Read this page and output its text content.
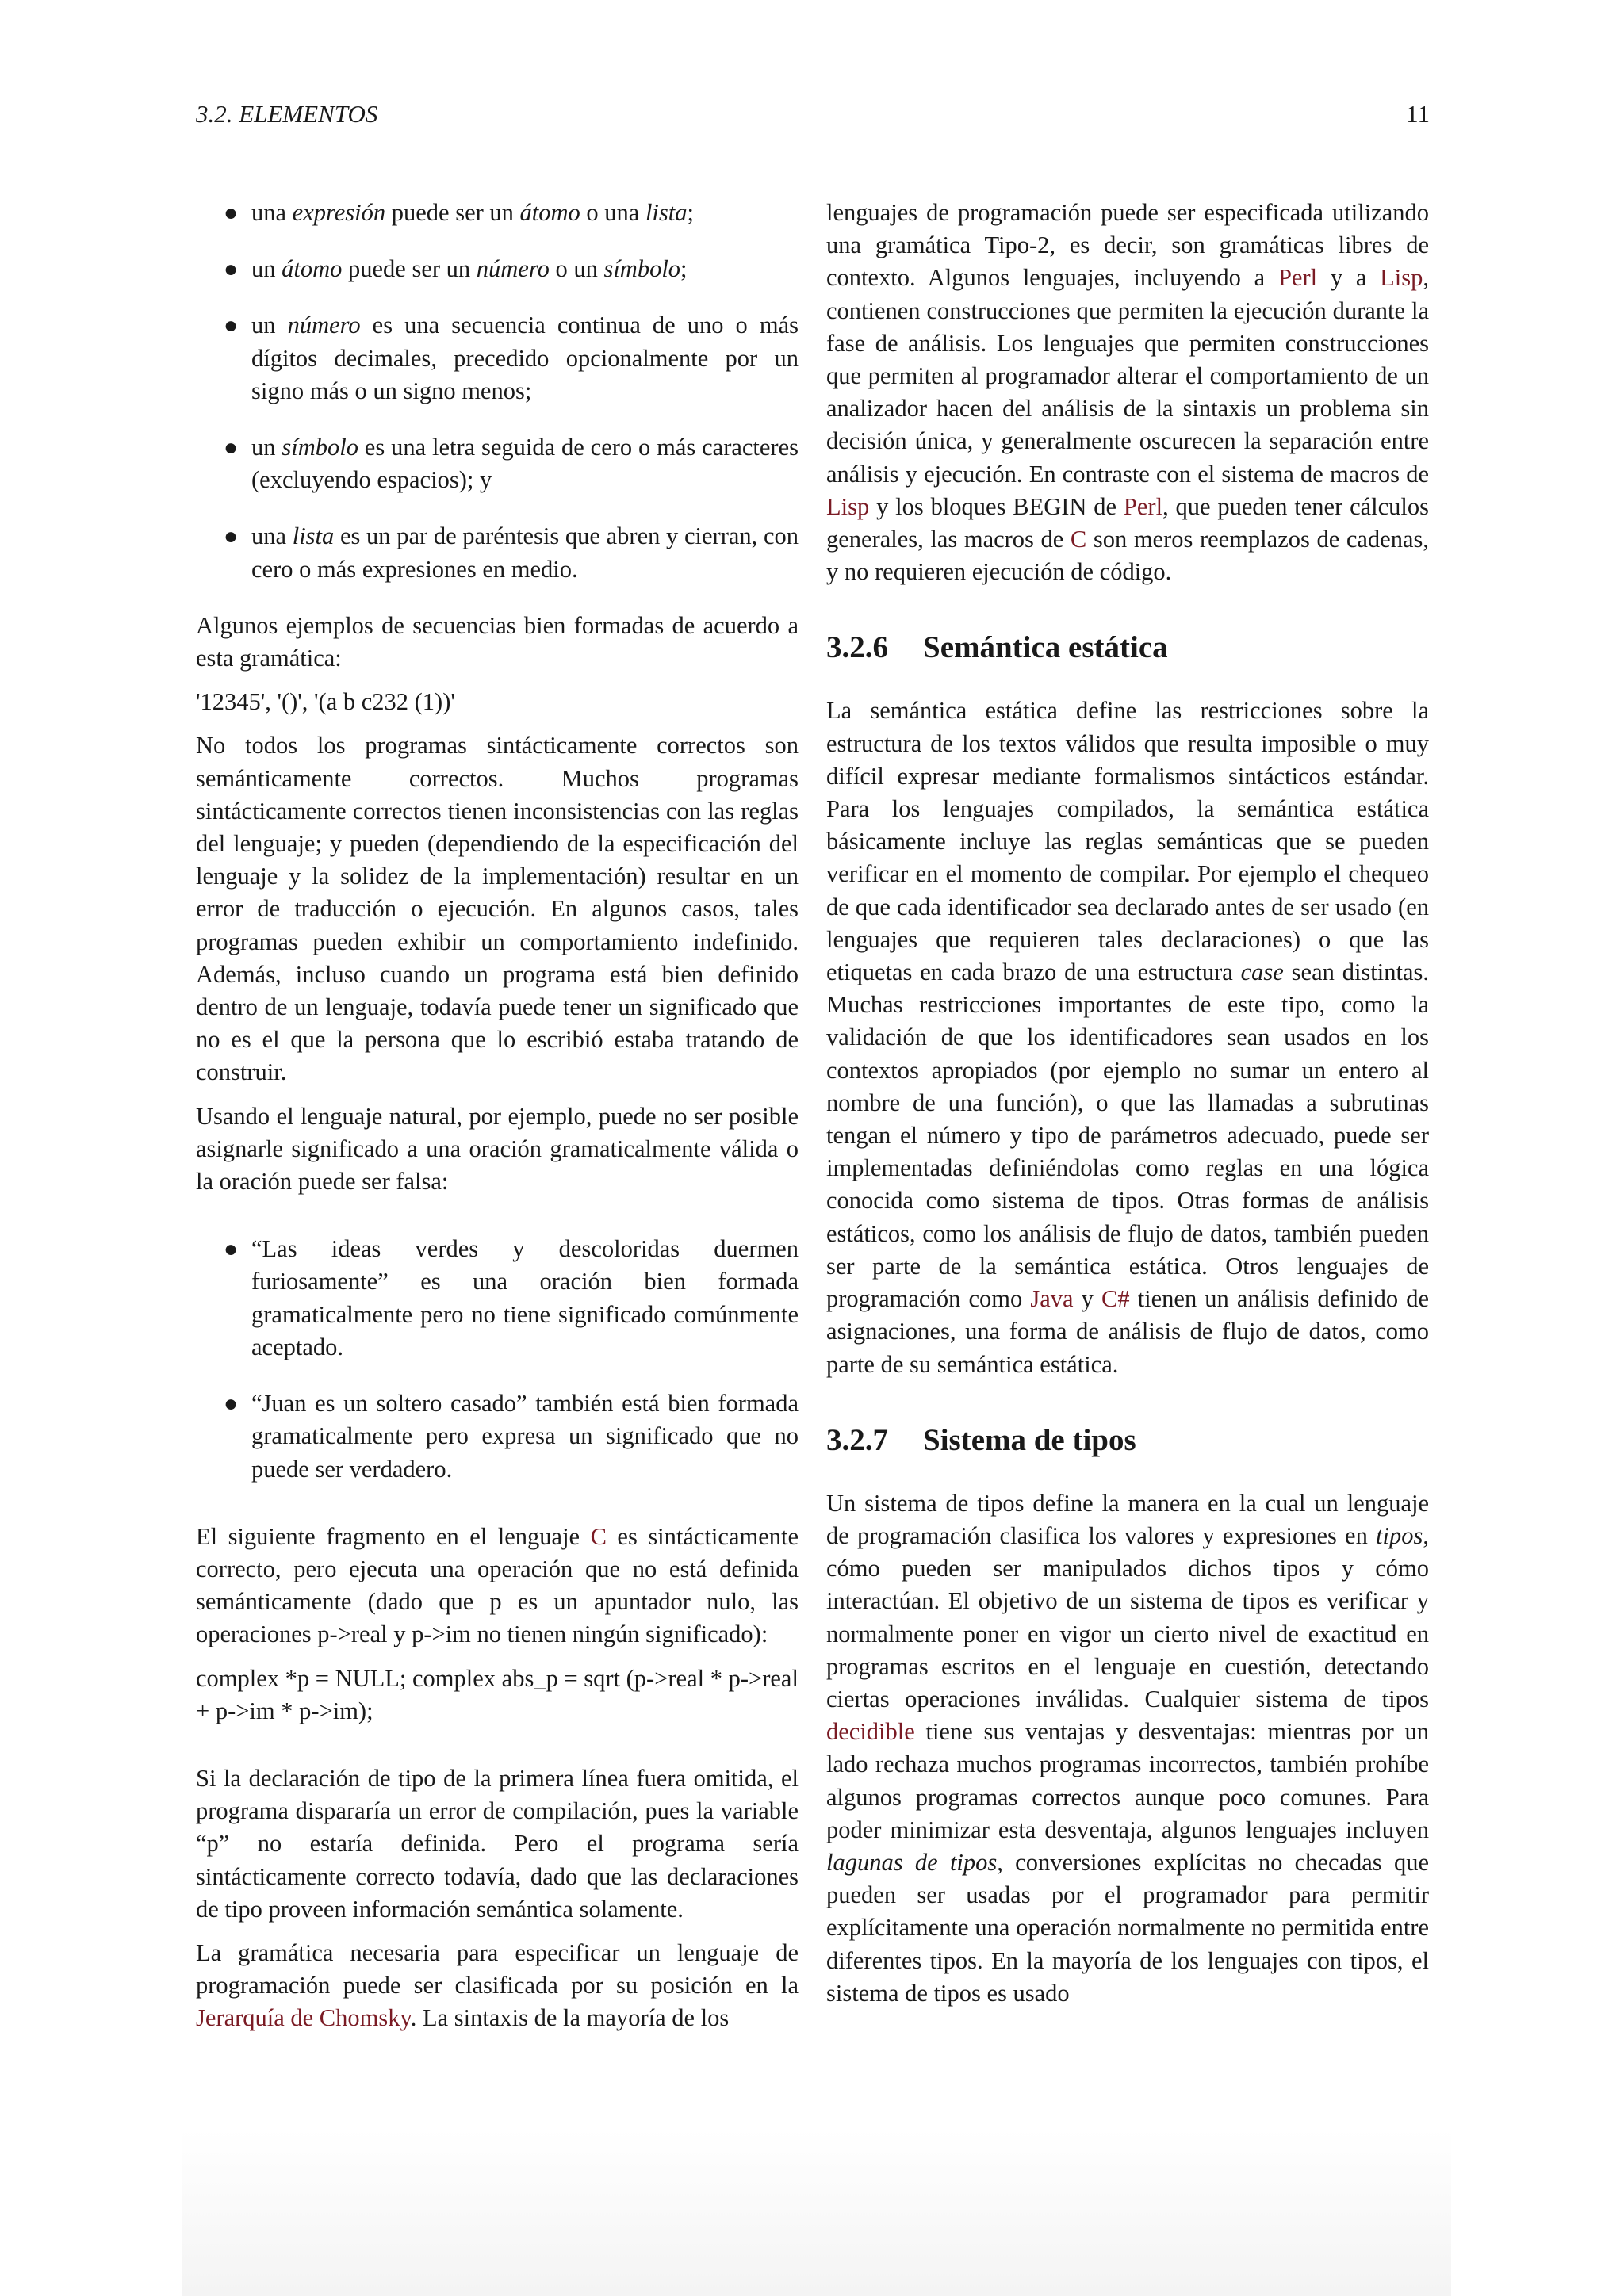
3.2. ELEMENTOS	11
● una expresión puede ser un átomo o una lista;
● un átomo puede ser un número o un símbolo;
● un número es una secuencia continua de uno o más dígitos decimales, precedido opcionalmente por un signo más o un signo menos;
● un símbolo es una letra seguida de cero o más caracteres (excluyendo espacios); y
● una lista es un par de paréntesis que abren y cierran, con cero o más expresiones en medio.

Algunos ejemplos de secuencias bien formadas de acuerdo a esta gramática:

'12345', '()', '(a b c232 (1))'

No todos los programas sintácticamente correctos son semánticamente correctos. Muchos programas sintácticamente correctos tienen inconsistencias con las reglas del lenguaje; y pueden (dependiendo de la especificación del lenguaje y la solidez de la implementación) resultar en un error de traducción o ejecución. En algunos casos, tales programas pueden exhibir un comportamiento indefinido. Además, incluso cuando un programa está bien definido dentro de un lenguaje, todavía puede tener un significado que no es el que la persona que lo escribió estaba tratando de construir.

Usando el lenguaje natural, por ejemplo, puede no ser posible asignarle significado a una oración gramaticalmente válida o la oración puede ser falsa:

● “Las ideas verdes y descoloridas duermen furiosamente” es una oración bien formada gramaticalmente pero no tiene significado comúnmente aceptado.
● “Juan es un soltero casado” también está bien formada gramaticalmente pero expresa un significado que no puede ser verdadero.

El siguiente fragmento en el lenguaje C es sintácticamente correcto, pero ejecuta una operación que no está definida semánticamente (dado que p es un apuntador nulo, las operaciones p->real y p->im no tienen ningún significado):

complex *p = NULL; complex abs_p = sqrt (p->real * p->real + p->im * p->im);

Si la declaración de tipo de la primera línea fuera omitida, el programa dispararía un error de compilación, pues la variable “p” no estaría definida. Pero el programa sería sintácticamente correcto todavía, dado que las declaraciones de tipo proveen información semántica solamente.

La gramática necesaria para especificar un lenguaje de programación puede ser clasificada por su posición en la Jerarquía de Chomsky. La sintaxis de la mayoría de los

lenguajes de programación puede ser especificada utilizando una gramática Tipo-2, es decir, son gramáticas libres de contexto. Algunos lenguajes, incluyendo a Perl y a Lisp, contienen construcciones que permiten la ejecución durante la fase de análisis. Los lenguajes que permiten construcciones que permiten al programador alterar el comportamiento de un analizador hacen del análisis de la sintaxis un problema sin decisión única, y generalmente oscurecen la separación entre análisis y ejecución. En contraste con el sistema de macros de Lisp y los bloques BEGIN de Perl, que pueden tener cálculos generales, las macros de C son meros reemplazos de cadenas, y no requieren ejecución de código.

3.2.6 Semántica estática

La semántica estática define las restricciones sobre la estructura de los textos válidos que resulta imposible o muy difícil expresar mediante formalismos sintácticos estándar. Para los lenguajes compilados, la semántica estática básicamente incluye las reglas semánticas que se pueden verificar en el momento de compilar. Por ejemplo el chequeo de que cada identificador sea declarado antes de ser usado (en lenguajes que requieren tales declaraciones) o que las etiquetas en cada brazo de una estructura case sean distintas. Muchas restricciones importantes de este tipo, como la validación de que los identificadores sean usados en los contextos apropiados (por ejemplo no sumar un entero al nombre de una función), o que las llamadas a subrutinas tengan el número y tipo de parámetros adecuado, puede ser implementadas definiéndolas como reglas en una lógica conocida como sistema de tipos. Otras formas de análisis estáticos, como los análisis de flujo de datos, también pueden ser parte de la semántica estática. Otros lenguajes de programación como Java y C# tienen un análisis definido de asignaciones, una forma de análisis de flujo de datos, como parte de su semántica estática.

3.2.7 Sistema de tipos

Un sistema de tipos define la manera en la cual un lenguaje de programación clasifica los valores y expresiones en tipos, cómo pueden ser manipulados dichos tipos y cómo interactúan. El objetivo de un sistema de tipos es verificar y normalmente poner en vigor un cierto nivel de exactitud en programas escritos en el lenguaje en cuestión, detectando ciertas operaciones inválidas. Cualquier sistema de tipos decidible tiene sus ventajas y desventajas: mientras por un lado rechaza muchos programas incorrectos, también prohíbe algunos programas correctos aunque poco comunes. Para poder minimizar esta desventaja, algunos lenguajes incluyen lagunas de tipos, conversiones explícitas no checadas que pueden ser usadas por el programador para permitir explícitamente una operación normalmente no permitida entre diferentes tipos. En la mayoría de los lenguajes con tipos, el sistema de tipos es usado
